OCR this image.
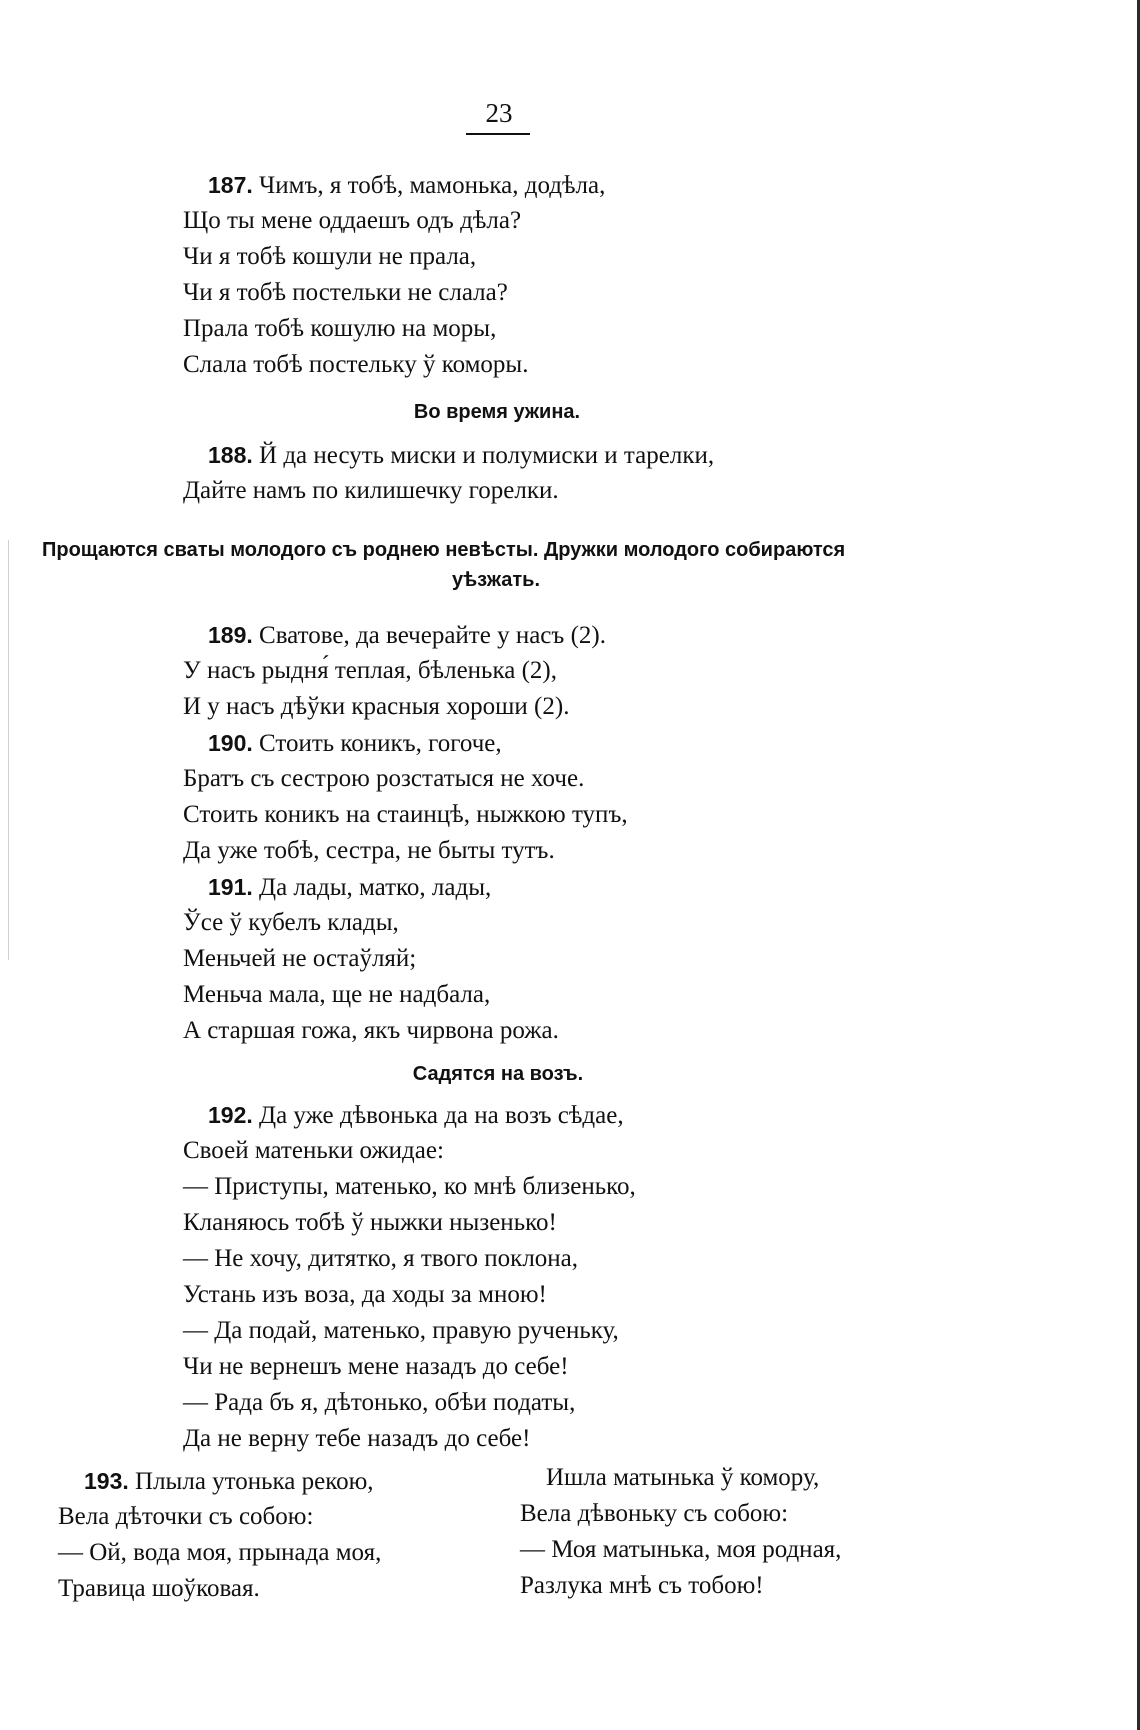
23
187. Чимъ, я тобѣ, мамонька, додѣла,
Що ты мене оддаешъ одъ дѣла?
Чи я тобѣ кошули не прала,
Чи я тобѣ постельки не слала?
Прала тобѣ кошулю на моры,
Слала тобѣ постельку ў коморы.
Во время ужина.
188. Й да несуть миски и полумиски и тарелки,
Дайте намъ по килишечку горелки.
Прощаются сваты молодого съ роднею невѣсты. Дружки молодого собираются
уѣзжать.
189. Сватове, да вечерайте у насъ (2).
У насъ рыдня́ теплая, бѣленька (2),
И у насъ дѣўки красныя хороши (2).
190. Стоить коникъ, гогоче,
Братъ съ сестрою розстатыся не хоче.
Стоить коникъ на стаинцѣ, ныжкою тупъ,
Да уже тобѣ, сестра, не быты тутъ.
191. Да лады, матко, лады,
Ўсе ў кубелъ клады,
Меньчей не остаўляй;
Меньча мала, ще не надбала,
А старшая гожа, якъ чирвона рожа.
Садятся на возъ.
192. Да уже дѣвонька да на возъ сѣдае,
Своей матеньки ожидае:
— Приступы, матенько, ко мнѣ близенько,
Кланяюсь тобѣ ў ныжки нызенько!
— Не хочу, дитятко, я твого поклона,
Устань изъ воза, да ходы за мною!
— Да подай, матенько, правую рученьку,
Чи не вернешъ мене назадъ до себе!
— Рада бъ я, дѣтонько, обѣи податы,
Да не верну тебе назадъ до себе!
193. Плыла утонька рекою,
Вела дѣточки съ собою:
— Ой, вода моя, прынада моя,
Травица шоўковая.
Ишла матынька ў комору,
Вела дѣвоньку съ собою:
— Моя матынька, моя родная,
Разлука мнѣ съ тобою!
